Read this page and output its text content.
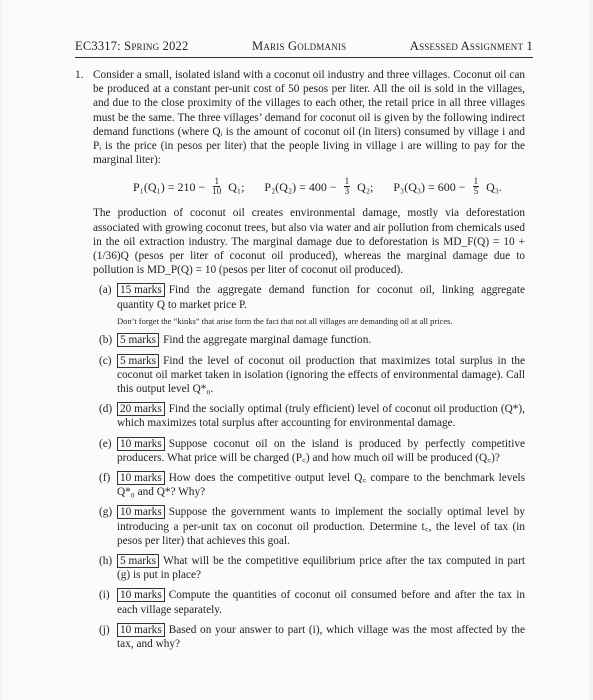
EC3317: Spring 2022	Maris Goldmanis	Assessed Assignment 1
1. Consider a small, isolated island with a coconut oil industry and three villages. Coconut oil can be produced at a constant per-unit cost of 50 pesos per liter. All the oil is sold in the villages, and due to the close proximity of the villages to each other, the retail price in all three villages must be the same. The three villages’ demand for coconut oil is given by the following indirect demand functions (where Qᵢ is the amount of coconut oil (in liters) consumed by village i and Pᵢ is the price (in pesos per liter) that the people living in village i are willing to pay for the marginal liter):
$P_1(Q_1) = 210 - \frac{1}{10} Q_1$; $P_2(Q_2) = 400 - \frac{1}{3} Q_2$; $P_3(Q_3) = 600 - \frac{1}{5} Q_3$.
The production of coconut oil creates environmental damage, mostly via deforestation associated with growing coconut trees, but also via water and air pollution from chemicals used in the oil extraction industry. The marginal damage due to deforestation is MD_F(Q) = 10 + (1/36)Q (pesos per liter of coconut oil produced), whereas the marginal damage due to pollution is MD_P(Q) = 10 (pesos per liter of coconut oil produced).
(a) 15 marks Find the aggregate demand function for coconut oil, linking aggregate quantity Q to market price P.
Don’t forget the “kinks” that arise form the fact that not all villages are demanding oil at all prices.
(b) 5 marks Find the aggregate marginal damage function.
(c) 5 marks Find the level of coconut oil production that maximizes total surplus in the coconut oil market taken in isolation (ignoring the effects of environmental damage). Call this output level Q*₀.
(d) 20 marks Find the socially optimal (truly efficient) level of coconut oil production (Q*), which maximizes total surplus after accounting for environmental damage.
(e) 10 marks Suppose coconut oil on the island is produced by perfectly competitive producers. What price will be charged (P꜀) and how much oil will be produced (Q꜀)?
(f) 10 marks How does the competitive output level Q꜀ compare to the benchmark levels Q*₀ and Q*? Why?
(g) 10 marks Suppose the government wants to implement the socially optimal level by introducing a per-unit tax on coconut oil production. Determine t꜀, the level of tax (in pesos per liter) that achieves this goal.
(h) 5 marks What will be the competitive equilibrium price after the tax computed in part (g) is put in place?
(i) 10 marks Compute the quantities of coconut oil consumed before and after the tax in each village separately.
(j) 10 marks Based on your answer to part (i), which village was the most affected by the tax, and why?
